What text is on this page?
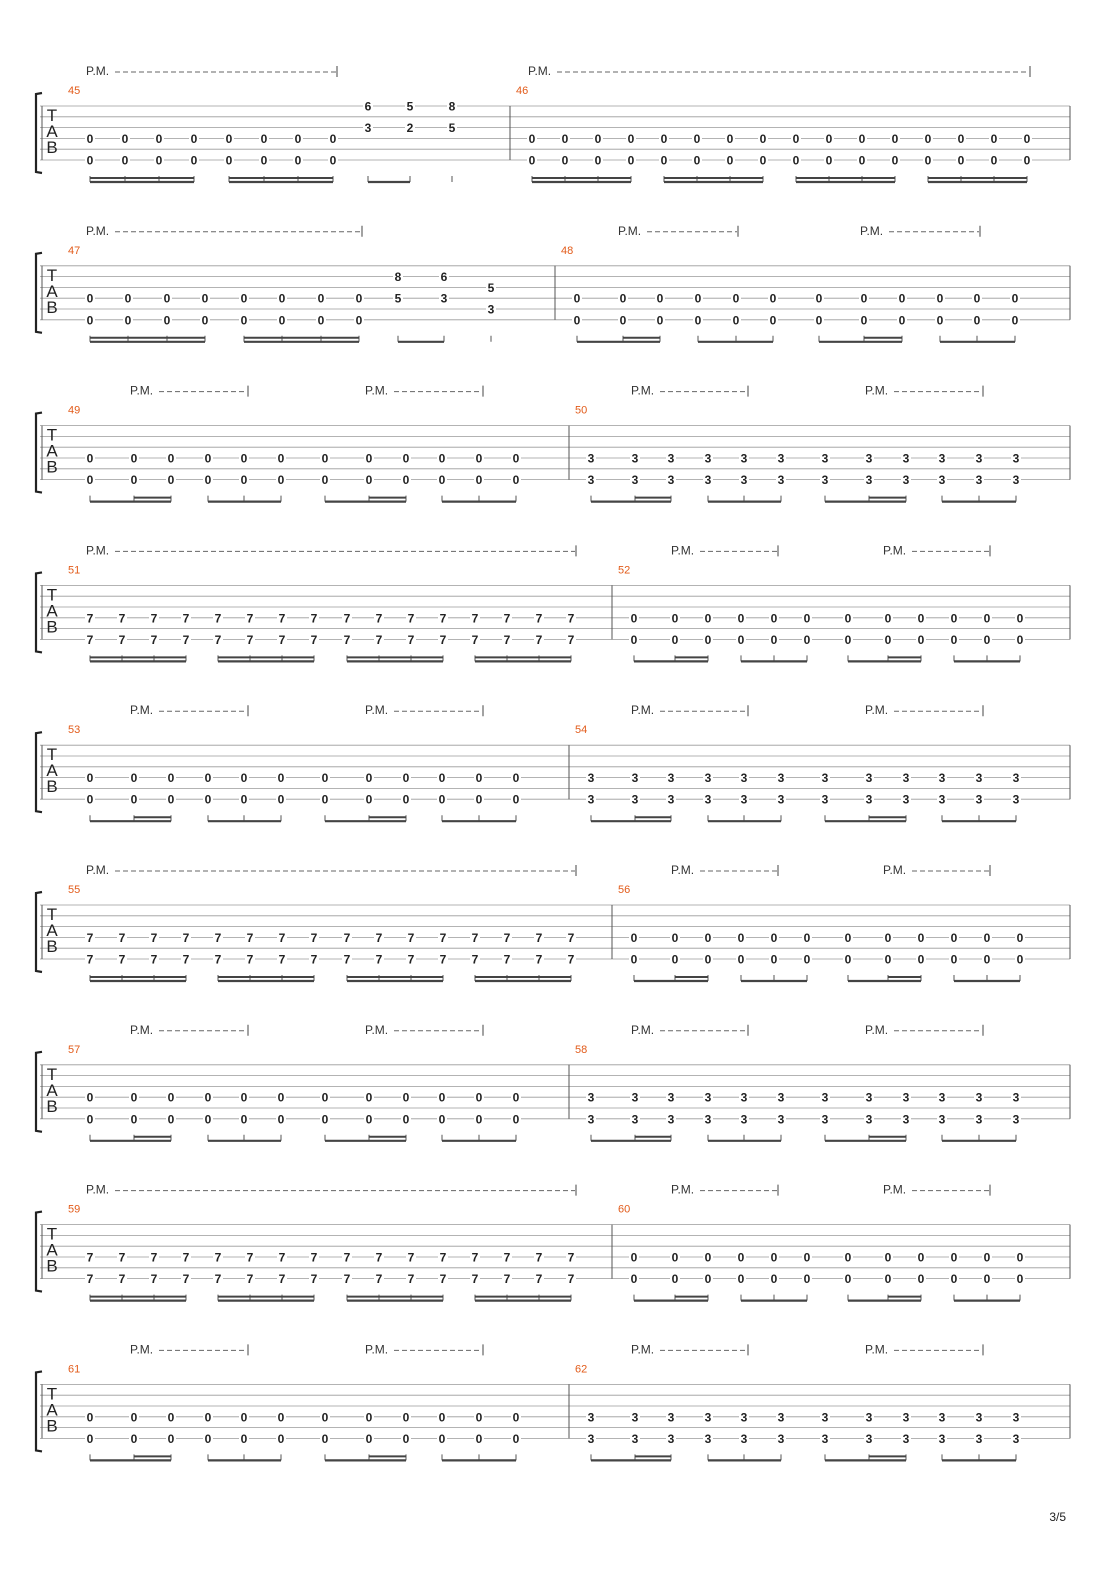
P.M.	P.M.
T
A
B
45
0
0
0
0
0
0
0
0
0
0
0
0
0
0
0
0
6
3
5
2
8
5
46
0
0
0
0
0
0
0
0
0
0
0
0
0
0
0
0
0
0
0
0
0
0
0
0
0
0
0
0
0
0
0
0
P.M.	P.M.	P.M.
T
A
B
47
0
0
0
0
0
0
0
0
0
0
0
0
0
0
0
0
8
5
6
3
5
3
48
0
0
0
0
0
0
0
0
0
0
0
0
0
0
0
0
0
0
0
0
0
0
0
0
P.M.	P.M.	P.M.	P.M.
T
A
B
49
0
0
0
0
0
0
0
0
0
0
0
0
0
0
0
0
0
0
0
0
0
0
0
0
50
3
3
3
3
3
3
3
3
3
3
3
3
3
3
3
3
3
3
3
3
3
3
3
3
P.M.	P.M.	P.M.
T
A
B
51
7
7
7
7
7
7
7
7
7
7
7
7
7
7
7
7
7
7
7
7
7
7
7
7
7
7
7
7
7
7
7
7
52
0
0
0
0
0
0
0
0
0
0
0
0
0
0
0
0
0
0
0
0
0
0
0
0
P.M.	P.M.	P.M.	P.M.
T
A
B
53
0
0
0
0
0
0
0
0
0
0
0
0
0
0
0
0
0
0
0
0
0
0
0
0
54
3
3
3
3
3
3
3
3
3
3
3
3
3
3
3
3
3
3
3
3
3
3
3
3
P.M.	P.M.	P.M.
T
A
B
55
7
7
7
7
7
7
7
7
7
7
7
7
7
7
7
7
7
7
7
7
7
7
7
7
7
7
7
7
7
7
7
7
56
0
0
0
0
0
0
0
0
0
0
0
0
0
0
0
0
0
0
0
0
0
0
0
0
P.M.	P.M.	P.M.	P.M.
T
A
B
57
0
0
0
0
0
0
0
0
0
0
0
0
0
0
0
0
0
0
0
0
0
0
0
0
58
3
3
3
3
3
3
3
3
3
3
3
3
3
3
3
3
3
3
3
3
3
3
3
3
P.M.	P.M.	P.M.
T
A
B
59
7
7
7
7
7
7
7
7
7
7
7
7
7
7
7
7
7
7
7
7
7
7
7
7
7
7
7
7
7
7
7
7
60
0
0
0
0
0
0
0
0
0
0
0
0
0
0
0
0
0
0
0
0
0
0
0
0
P.M.	P.M.	P.M.	P.M.
T
A
B
61
0
0
0
0
0
0
0
0
0
0
0
0
0
0
0
0
0
0
0
0
0
0
0
0
62
3
3
3
3
3
3
3
3
3
3
3
3
3
3
3
3
3
3
3
3
3
3
3
3
3/5
